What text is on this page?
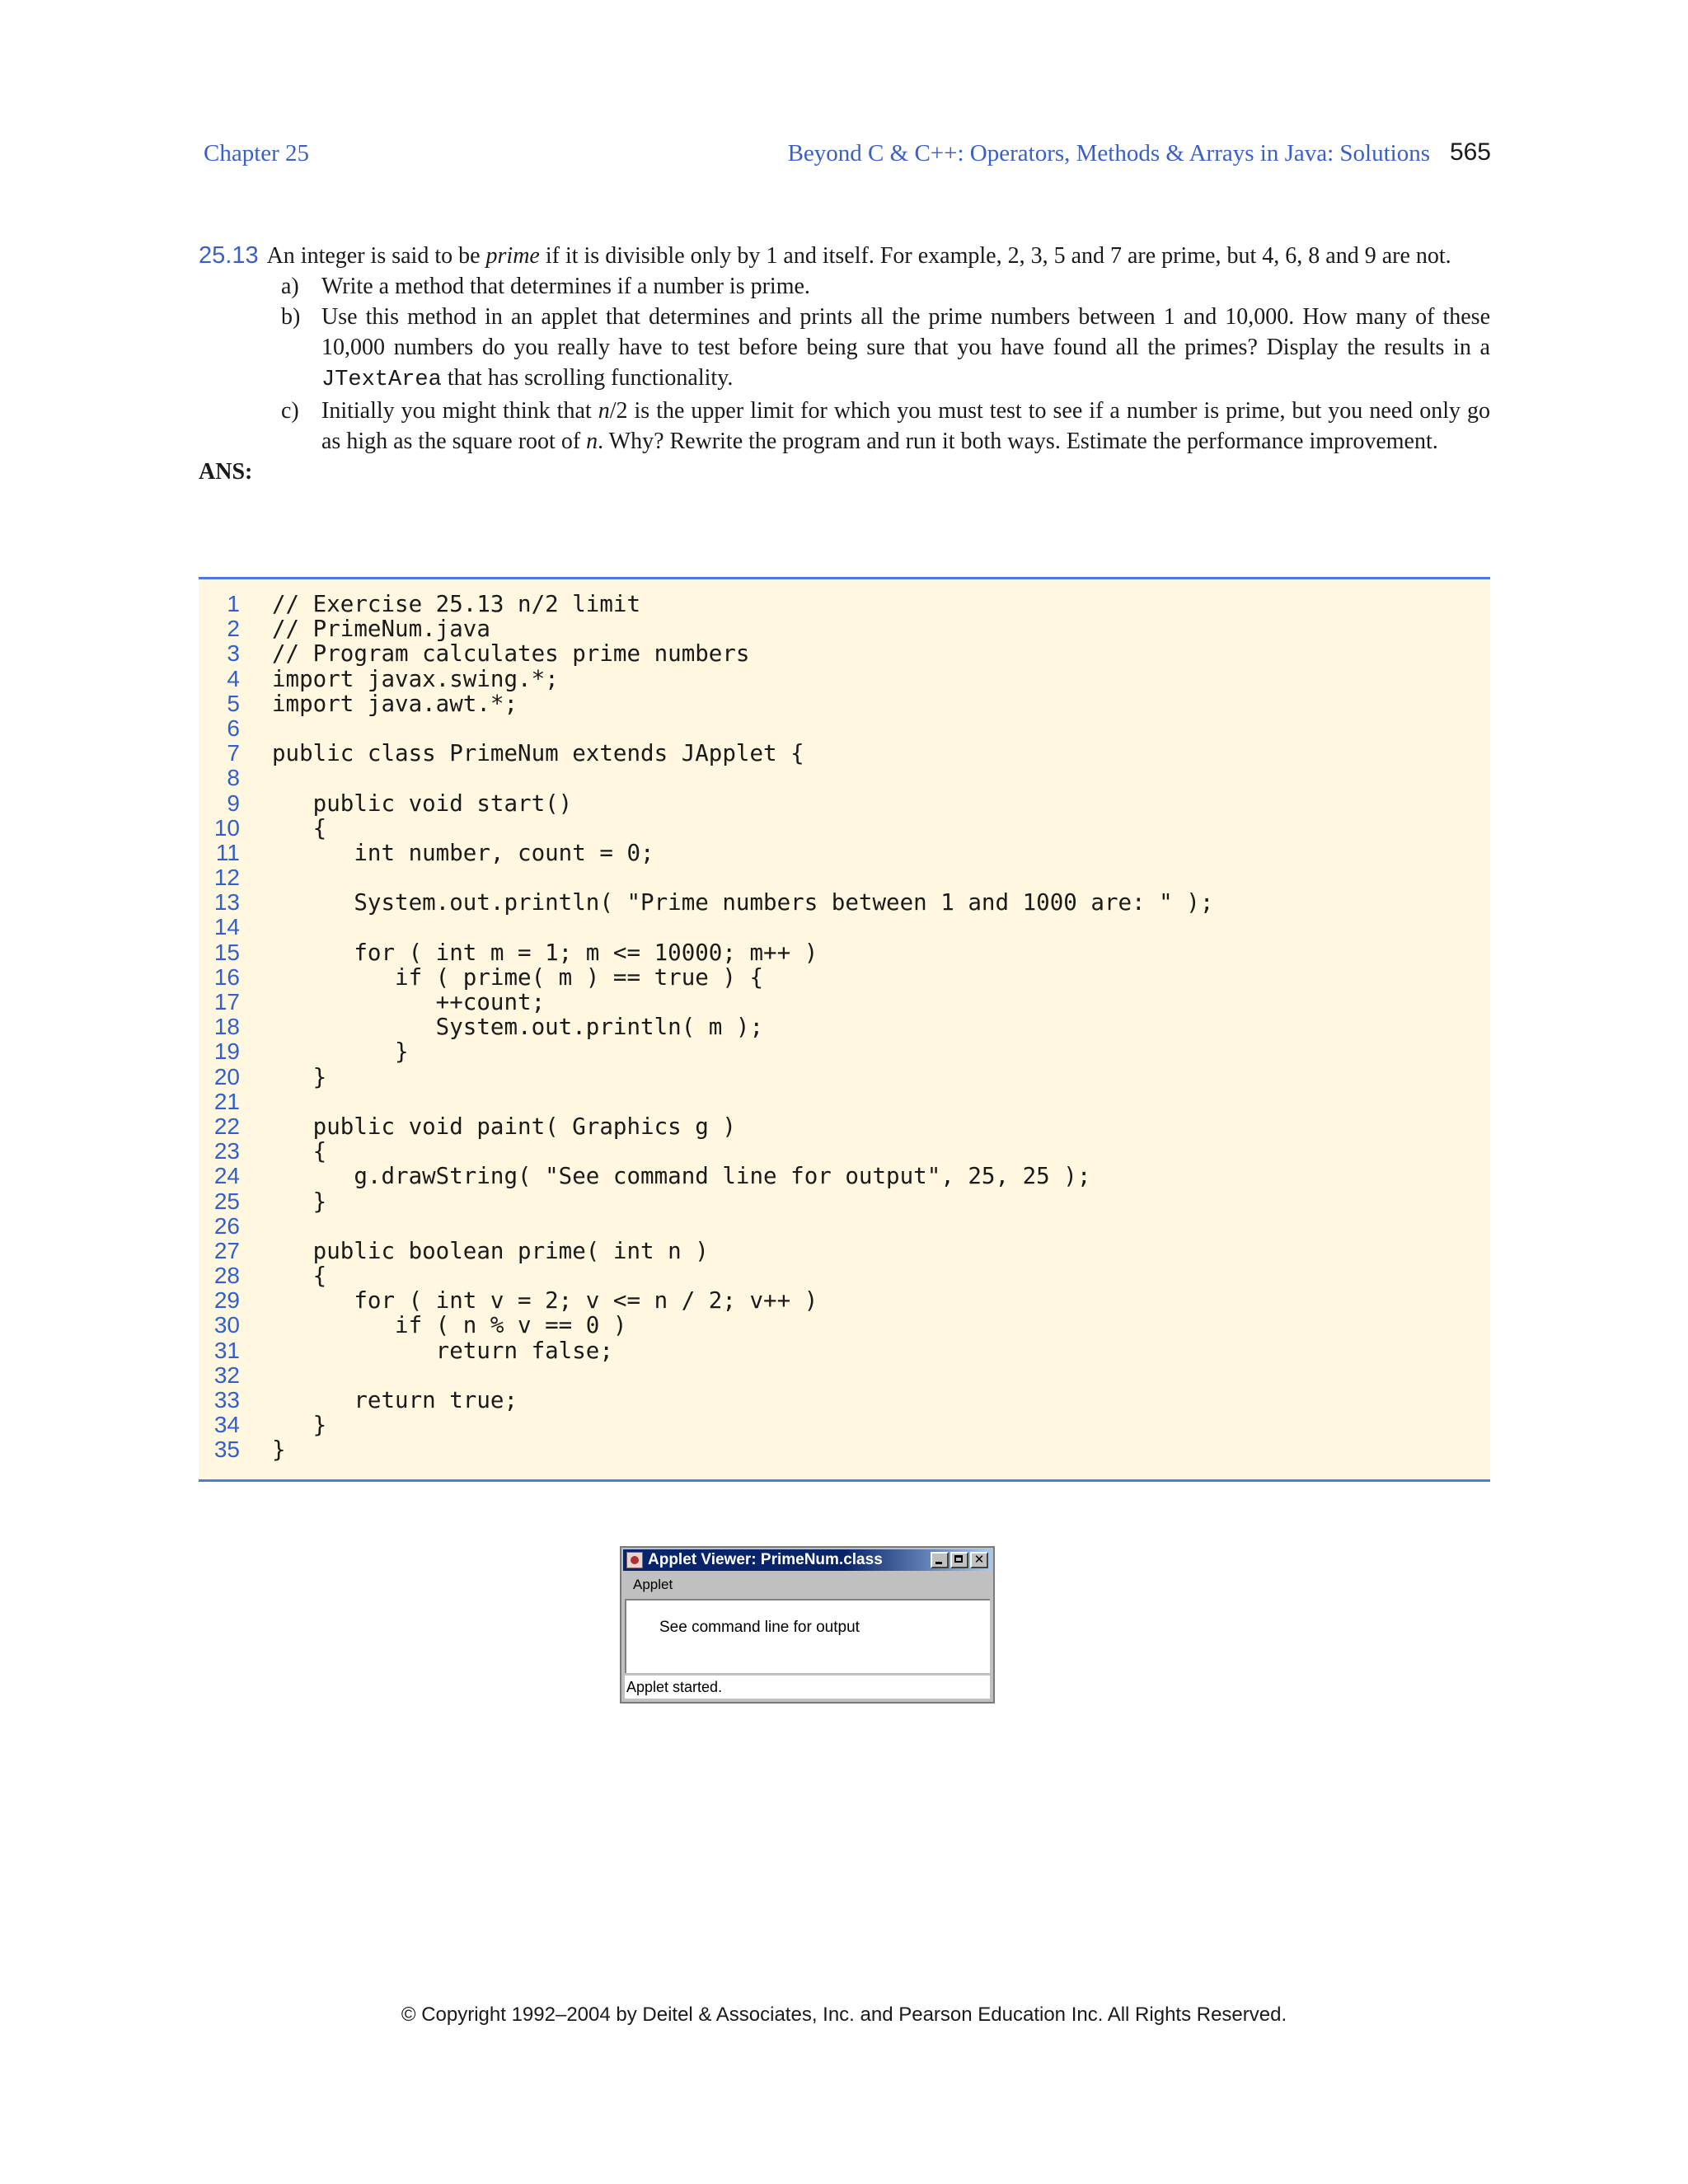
Chapter 25	Beyond C & C++: Operators, Methods & Arrays in Java: Solutions 565

25.13 An integer is said to be prime if it is divisible only by 1 and itself. For example, 2, 3, 5 and 7 are prime, but 4, 6, 8 and 9 are not.

a) Write a method that determines if a number is prime.

b) Use this method in an applet that determines and prints all the prime numbers between 1 and 10,000. How many of these 10,000 numbers do you really have to test before being sure that you have found all the primes? Display the results in a JTextArea that has scrolling functionality.

c) Initially you might think that n/2 is the upper limit for which you must test to see if a number is prime, but you need only go as high as the square root of n. Why? Rewrite the program and run it both ways. Estimate the performance improvement.

ANS:

1 // Exercise 25.13 n/2 limit
2 // PrimeNum.java
3 // Program calculates prime numbers
4 import javax.swing.*;
5 import java.awt.*;
6
7 public class PrimeNum extends JApplet {
8
9 public void start()
10 {
11 int number, count = 0;
12
13 System.out.println( "Prime numbers between 1 and 1000 are: " );
14
15 for ( int m = 1; m <= 10000; m++ )
16 if ( prime( m ) == true ) {
17 ++count;
18 System.out.println( m );
19 }
20 }
21
22 public void paint( Graphics g )
23 {
24 g.drawString( "See command line for output", 25, 25 );
25 }
26
27 public boolean prime( int n )
28 {
29 for ( int v = 2; v <= n / 2; v++ )
30 if ( n % v == 0 )
31 return false;
32
33 return true;
34 }
35 }
Applet Viewer: PrimeNum.class	✕
Applet
See command line for output
Applet started.
© Copyright 1992–2004 by Deitel & Associates, Inc. and Pearson Education Inc. All Rights Reserved.
